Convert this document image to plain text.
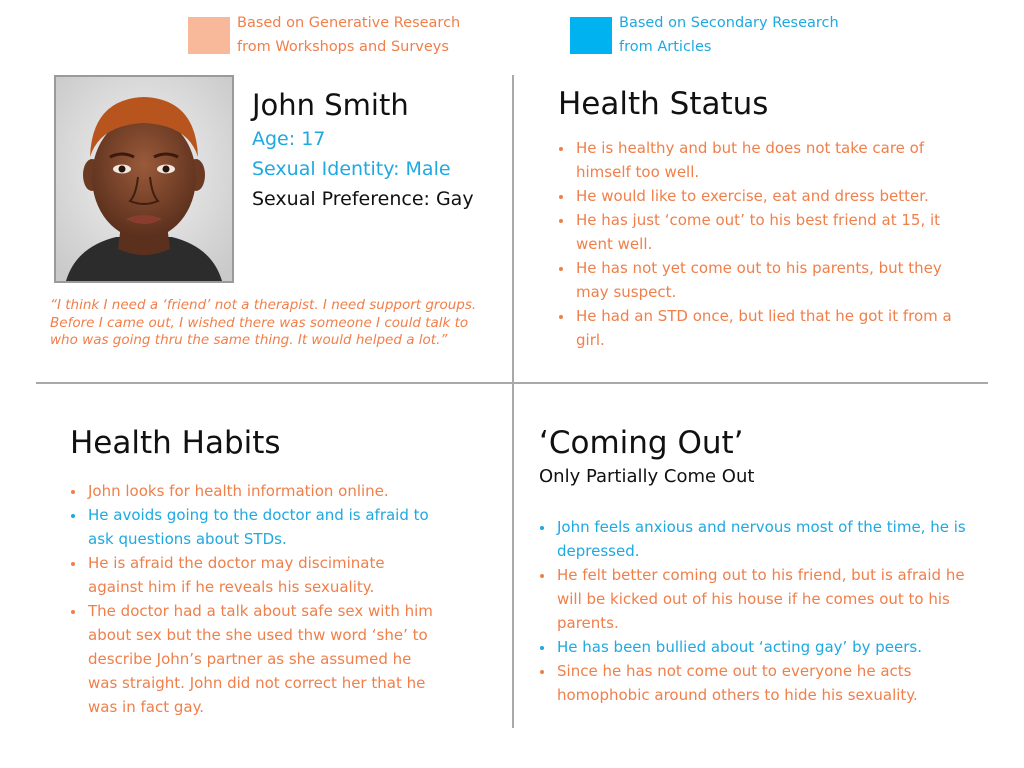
Based on Generative Research
from Workshops and Surveys
Based on Secondary Research
from Articles
John Smith
Age: 17
Sexual Identity: Male
Sexual Preference: Gay
“I think I need a ‘friend’ not a therapist. I need support groups. Before I came out, I wished there was someone I could talk to who was going thru the same thing. It would helped a lot.”
Health Status
He is healthy and but he does not take care of himself too well.
He would like to exercise, eat and dress better.
He has just ‘come out’ to his best friend at 15, it went well.
He has not yet come out to his parents, but they may suspect.
He had an STD once, but lied that he got it from a girl.
Health Habits
John looks for health information online.
He avoids going to the doctor and is afraid to ask questions about STDs.
He is afraid the doctor may disciminate against him if he reveals his sexuality.
The doctor had a talk about safe sex with him about sex but the she used thw word ‘she’ to describe John’s partner as she assumed he was straight. John did not correct her that he was in fact gay.
‘Coming Out’
Only Partially Come Out
John feels anxious and nervous most of the time, he is depressed.
He felt better coming out to his friend, but is afraid he will be kicked out of his house if he comes out to his parents.
He has been bullied about ‘acting gay’ by peers.
Since he has not come out to everyone he acts homophobic around others to hide his sexuality.
